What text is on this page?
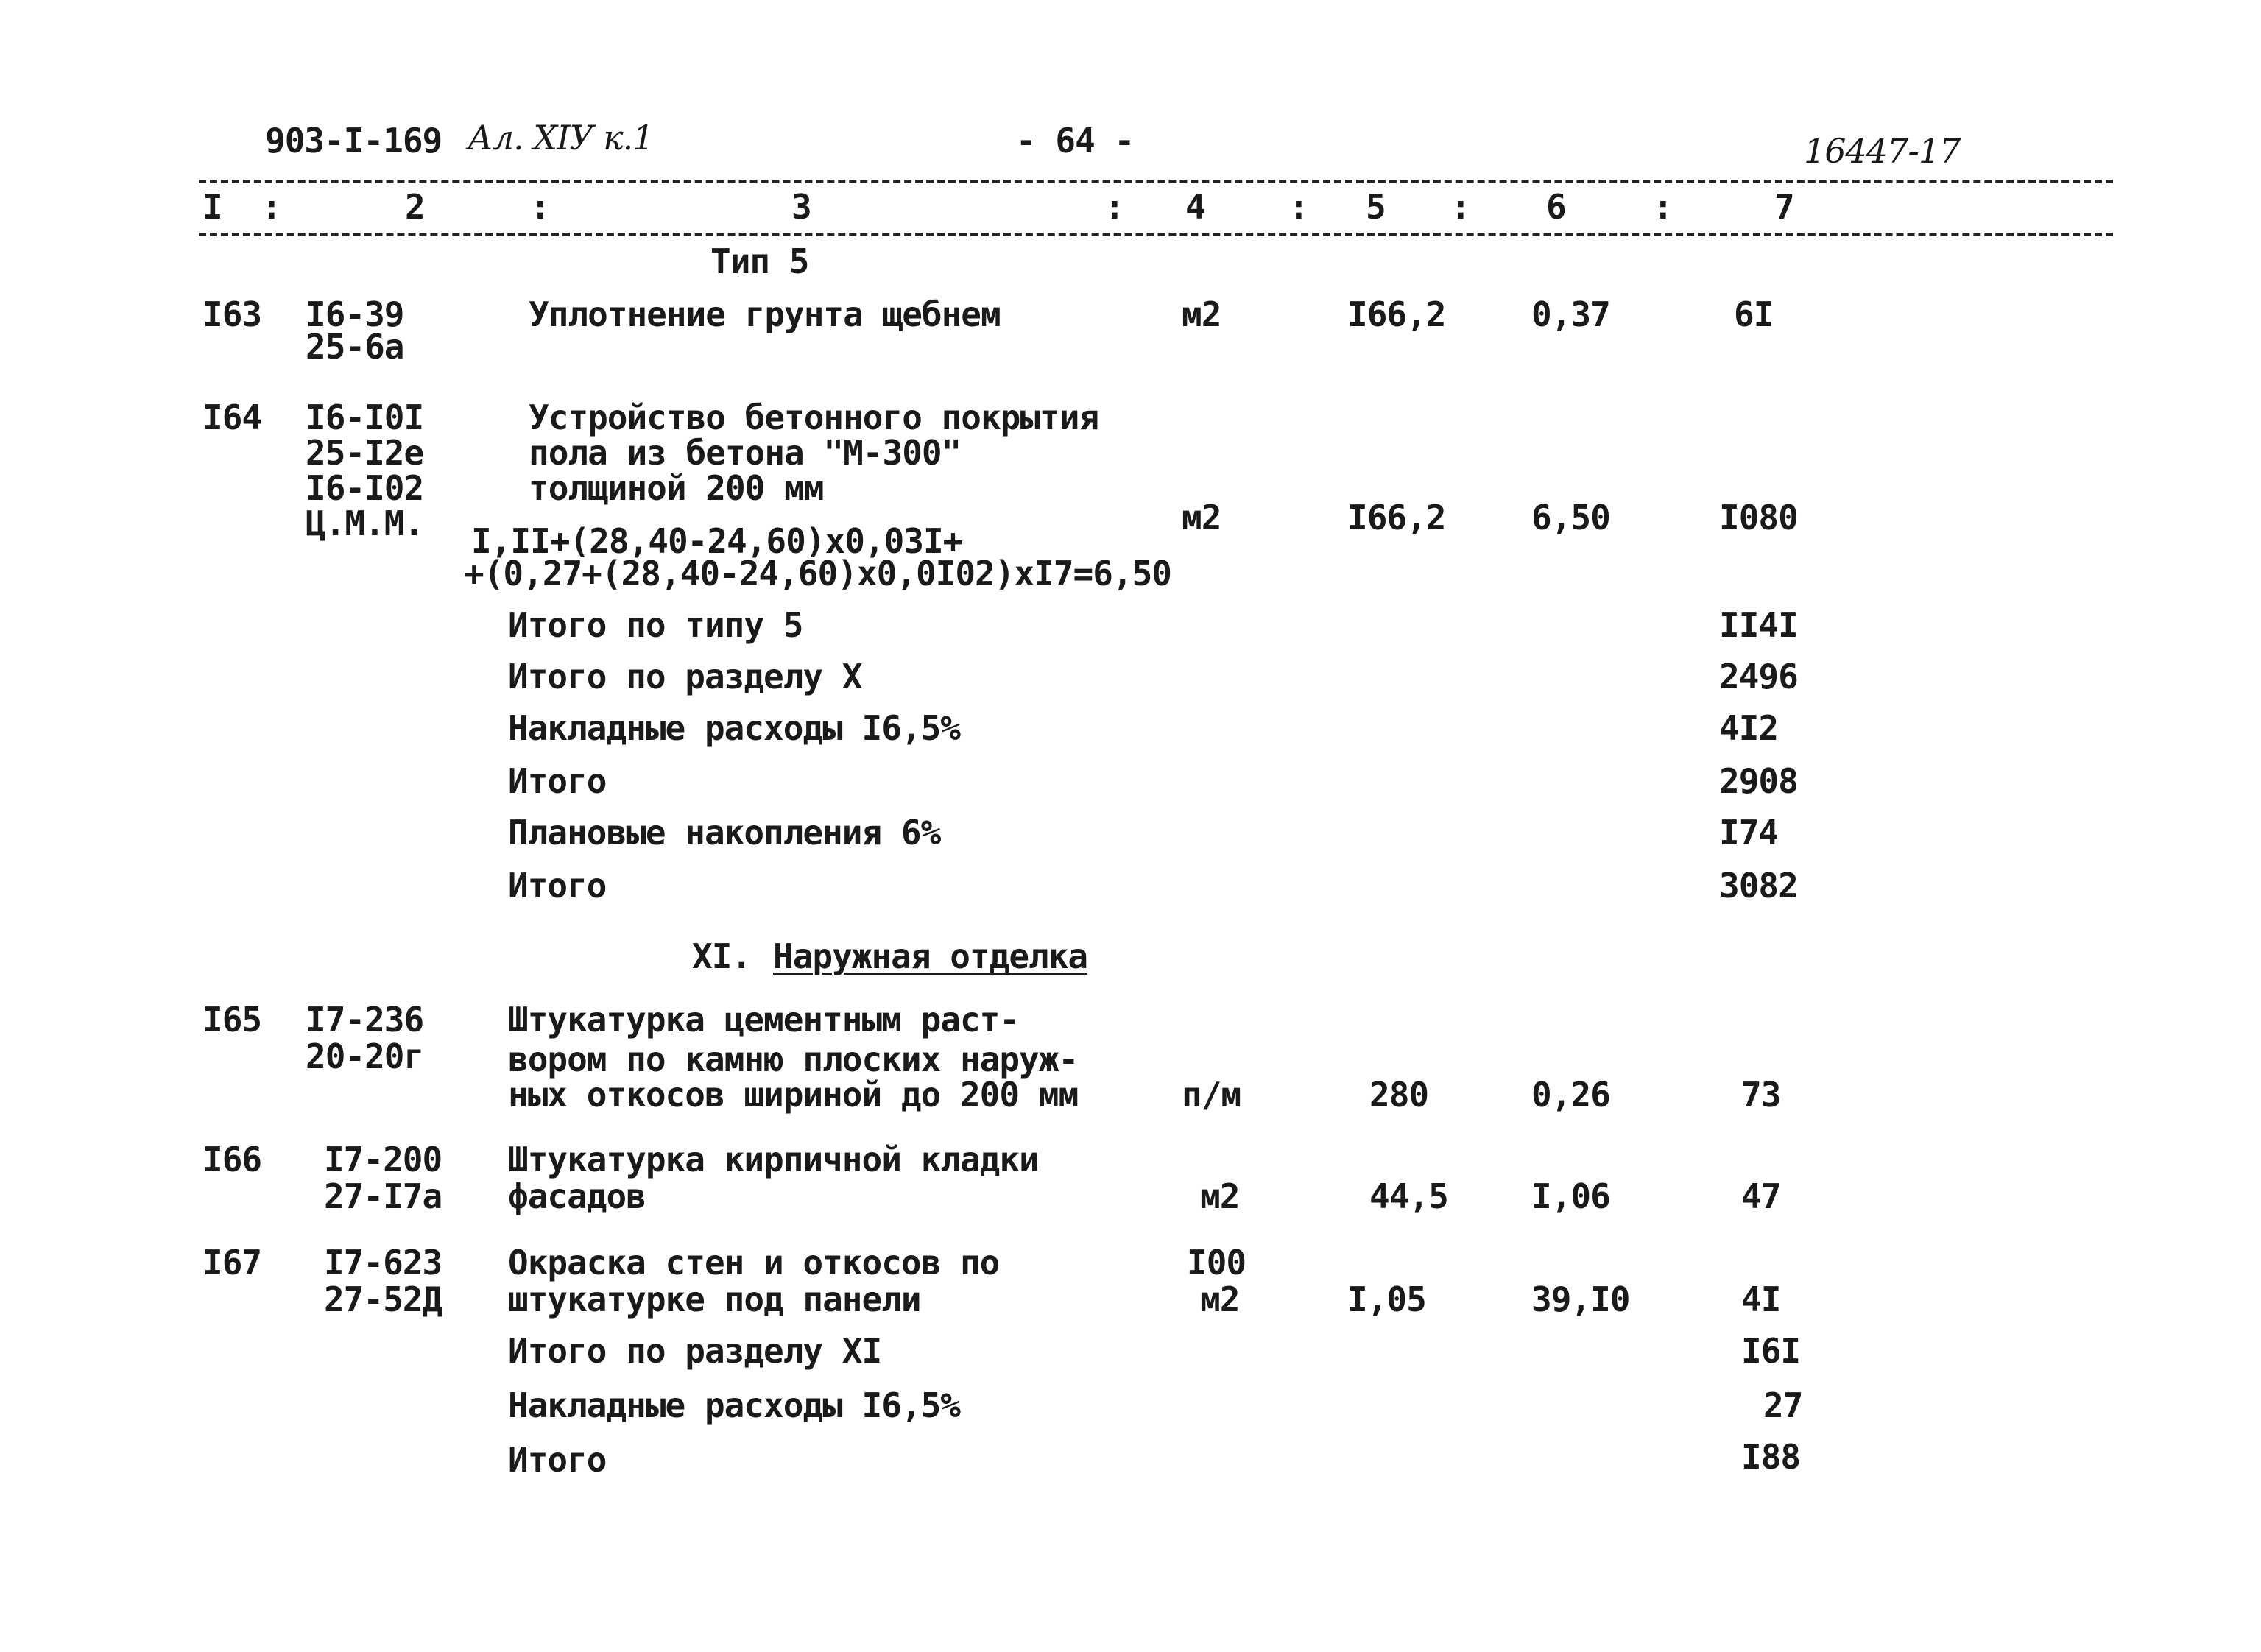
903-I-169 Ал. XIУ к.1	- 64 -	16447-17
I :	2	:	3	: 4 : 5 : 6	:	7
Тип 5
I63 I6-39
25-6а
Уплотнение грунта щебнем	м2	I66,2	0,37	6I
I64 I6-I0I
25-I2е
I6-I02
Ц.М.М.
Устройство бетонного покрытия
пола из бетона "М-300"
толщиной 200 мм
I,II+(28,40-24,60)x0,03I+
+(0,27+(28,40-24,60)x0,0I02)xI7=6,50
м2	I66,2	6,50	I080
Итого по типу 5	II4I
Итого по разделу X	2496
Накладные расходы I6,5%	4I2
Итого	2908
Плановые накопления 6%	I74
Итого	3082
XI. Наружная отделка
I65 I7-236
20-20г
Штукатурка цементным раст-
вором по камню плоских наруж-
ных откосов шириной до 200 мм	п/м	280	0,26	73
I66 I7-200
27-I7а
Штукатурка кирпичной кладки
фасадов	м2	44,5 I,06	47
I67 I7-623
27-52Д
Окраска стен и откосов по
штукатурке под панели
I00
м2	I,05	39,I0	4I
Итого по разделу XI	I6I
Накладные расходы I6,5%	27
Итого	I88
